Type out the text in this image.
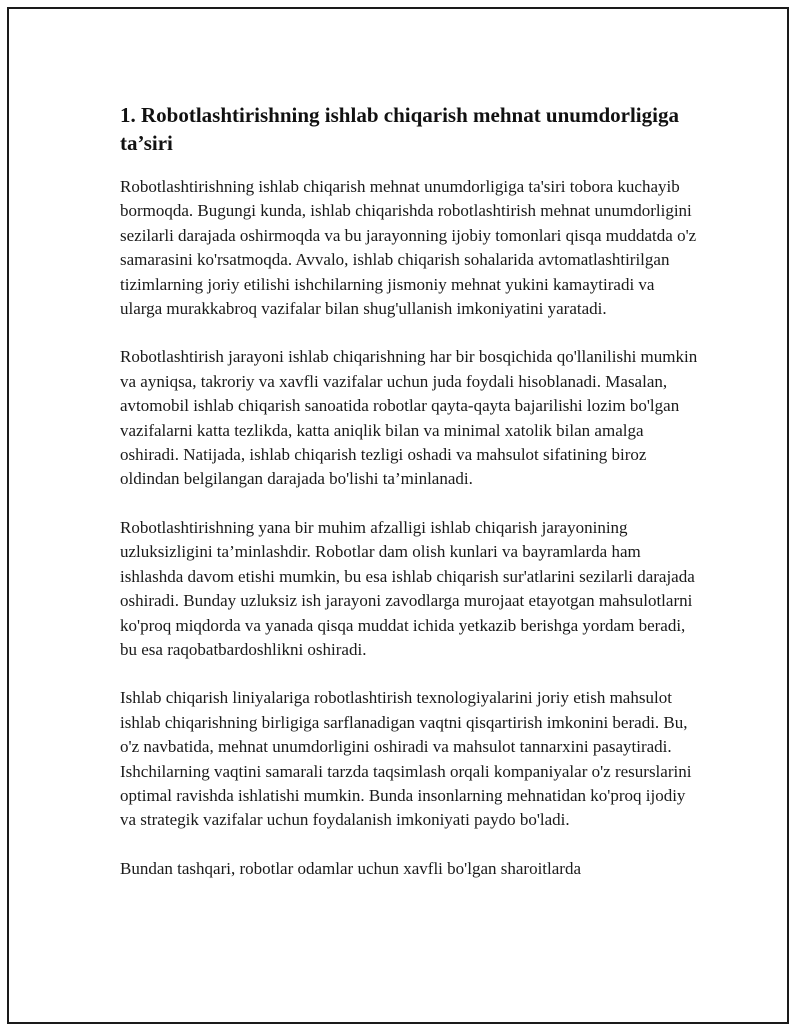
1. Robotlashtirishning ishlab chiqarish mehnat unumdorligiga ta’siri

Robotlashtirishning ishlab chiqarish mehnat unumdorligiga ta'siri tobora kuchayib bormoqda. Bugungi kunda, ishlab chiqarishda robotlashtirish mehnat unumdorligini sezilarli darajada oshirmoqda va bu jarayonning ijobiy tomonlari qisqa muddatda o'z samarasini ko'rsatmoqda. Avvalo, ishlab chiqarish sohalarida avtomatlashtirilgan tizimlarning joriy etilishi ishchilarning jismoniy mehnat yukini kamaytiradi va ularga murakkabroq vazifalar bilan shug'ullanish imkoniyatini yaratadi.

Robotlashtirish jarayoni ishlab chiqarishning har bir bosqichida qo'llanilishi mumkin va ayniqsa, takroriy va xavfli vazifalar uchun juda foydali hisoblanadi. Masalan, avtomobil ishlab chiqarish sanoatida robotlar qayta-qayta bajarilishi lozim bo'lgan vazifalarni katta tezlikda, katta aniqlik bilan va minimal xatolik bilan amalga oshiradi. Natijada, ishlab chiqarish tezligi oshadi va mahsulot sifatining biroz oldindan belgilangan darajada bo'lishi ta’minlanadi.

Robotlashtirishning yana bir muhim afzalligi ishlab chiqarish jarayonining uzluksizligini ta’minlashdir. Robotlar dam olish kunlari va bayramlarda ham ishlashda davom etishi mumkin, bu esa ishlab chiqarish sur'atlarini sezilarli darajada oshiradi. Bunday uzluksiz ish jarayoni zavodlarga murojaat etayotgan mahsulotlarni ko'proq miqdorda va yanada qisqa muddat ichida yetkazib berishga yordam beradi, bu esa raqobatbardoshlikni oshiradi.

Ishlab chiqarish liniyalariga robotlashtirish texnologiyalarini joriy etish mahsulot ishlab chiqarishning birligiga sarflanadigan vaqtni qisqartirish imkonini beradi. Bu, o'z navbatida, mehnat unumdorligini oshiradi va mahsulot tannarxini pasaytiradi. Ishchilarning vaqtini samarali tarzda taqsimlash orqali kompaniyalar o'z resurslarini optimal ravishda ishlatishi mumkin. Bunda insonlarning mehnatidan ko'proq ijodiy va strategik vazifalar uchun foydalanish imkoniyati paydo bo'ladi.

Bundan tashqari, robotlar odamlar uchun xavfli bo'lgan sharoitlarda
